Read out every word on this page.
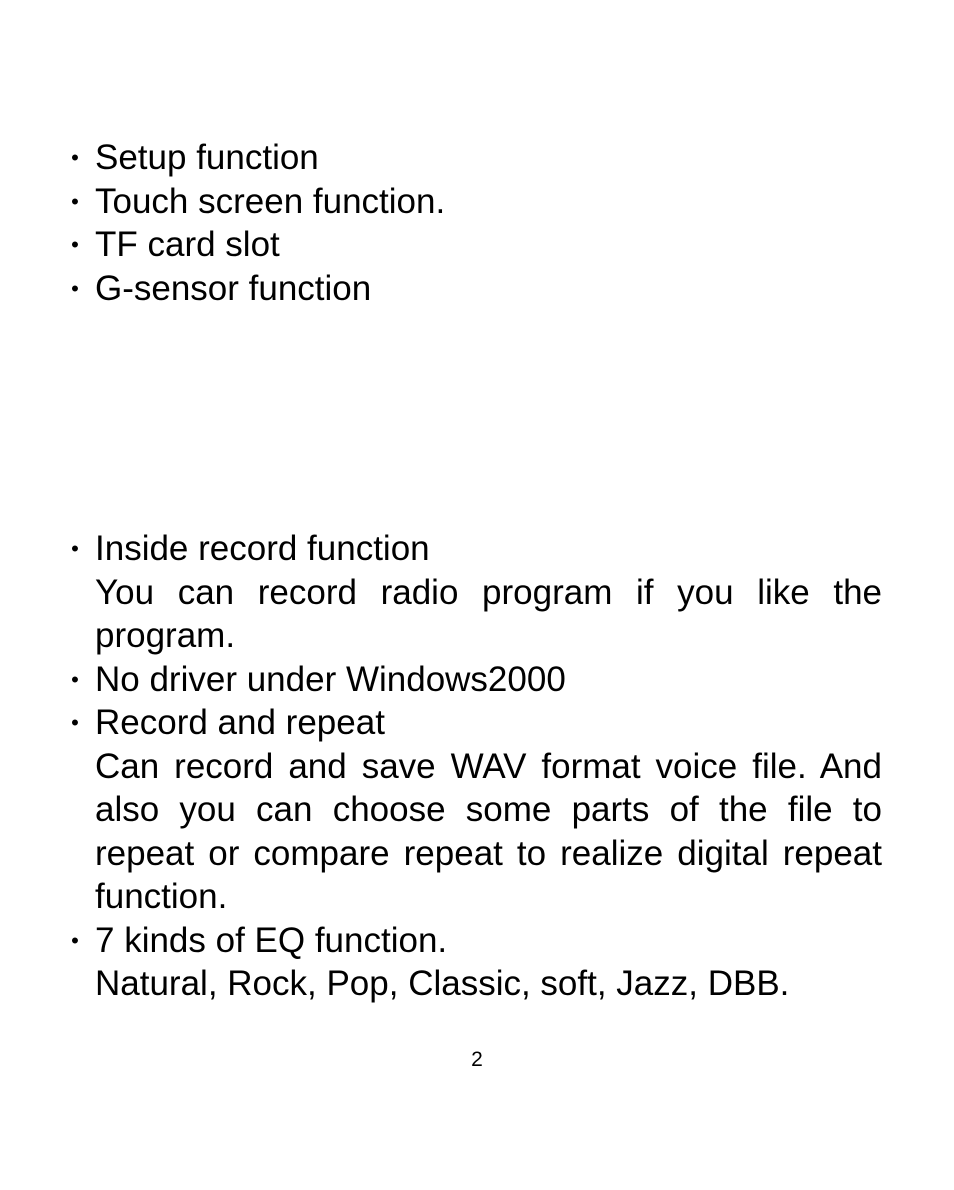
• Setup function
• Touch screen function.
• TF card slot
• G-sensor function
• Inside record function
You can record radio program if you like the program.
• No driver under Windows2000
• Record and repeat
Can record and save WAV format voice file. And also you can choose some parts of the file to repeat or compare repeat to realize digital repeat function.
• 7 kinds of EQ function.
Natural, Rock, Pop, Classic, soft, Jazz, DBB.
2
